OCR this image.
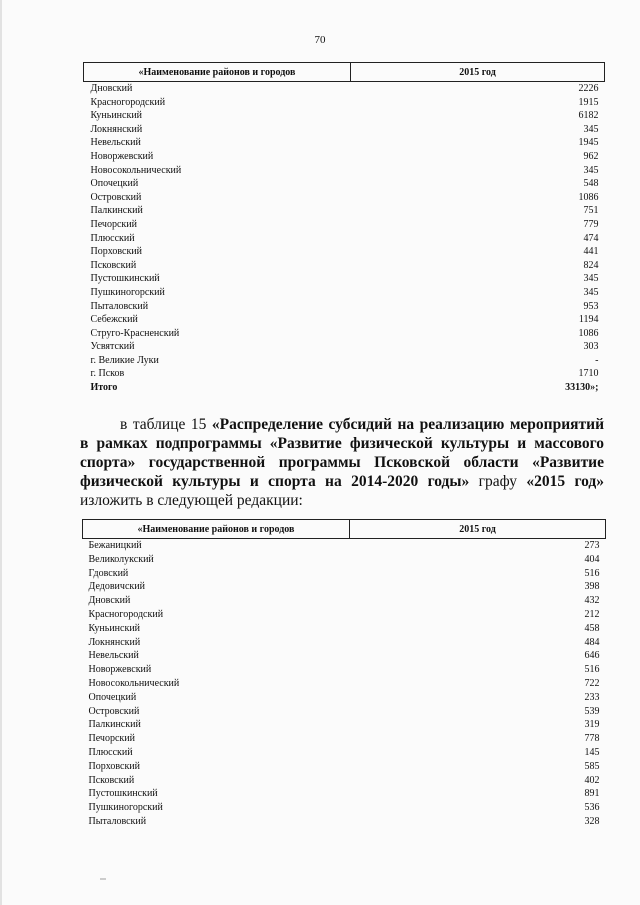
70
«Наименование районов и городов	2015 год
Дновский	2226
Красногородский	1915
Куньинский	6182
Локнянский	345
Невельский	1945
Новоржевский	962
Новосокольнический	345
Опочецкий	548
Островский	1086
Палкинский	751
Печорский	779
Плюсский	474
Порховский	441
Псковский	824
Пустошкинский	345
Пушкиногорский	345
Пыталовский	953
Себежский	1194
Струго-Красненский	1086
Усвятский	303
г. Великие Луки	-
г. Псков	1710
Итого	33130»;

в таблице 15 «Распределение субсидий на реализацию мероприятий в рамках подпрограммы «Развитие физической культуры и массового спорта» государственной программы Псковской области «Развитие физической культуры и спорта на 2014-2020 годы» графу «2015 год» изложить в следующей редакции:

«Наименование районов и городов	2015 год
Бежаницкий	273
Великолукский	404
Гдовский	516
Дедовичский	398
Дновский	432
Красногородский	212
Куньинский	458
Локнянский	484
Невельский	646
Новоржевский	516
Новосокольнический	722
Опочецкий	233
Островский	539
Палкинский	319
Печорский	778
Плюсский	145
Порховский	585
Псковский	402
Пустошкинский	891
Пушкиногорский	536
Пыталовский	328
